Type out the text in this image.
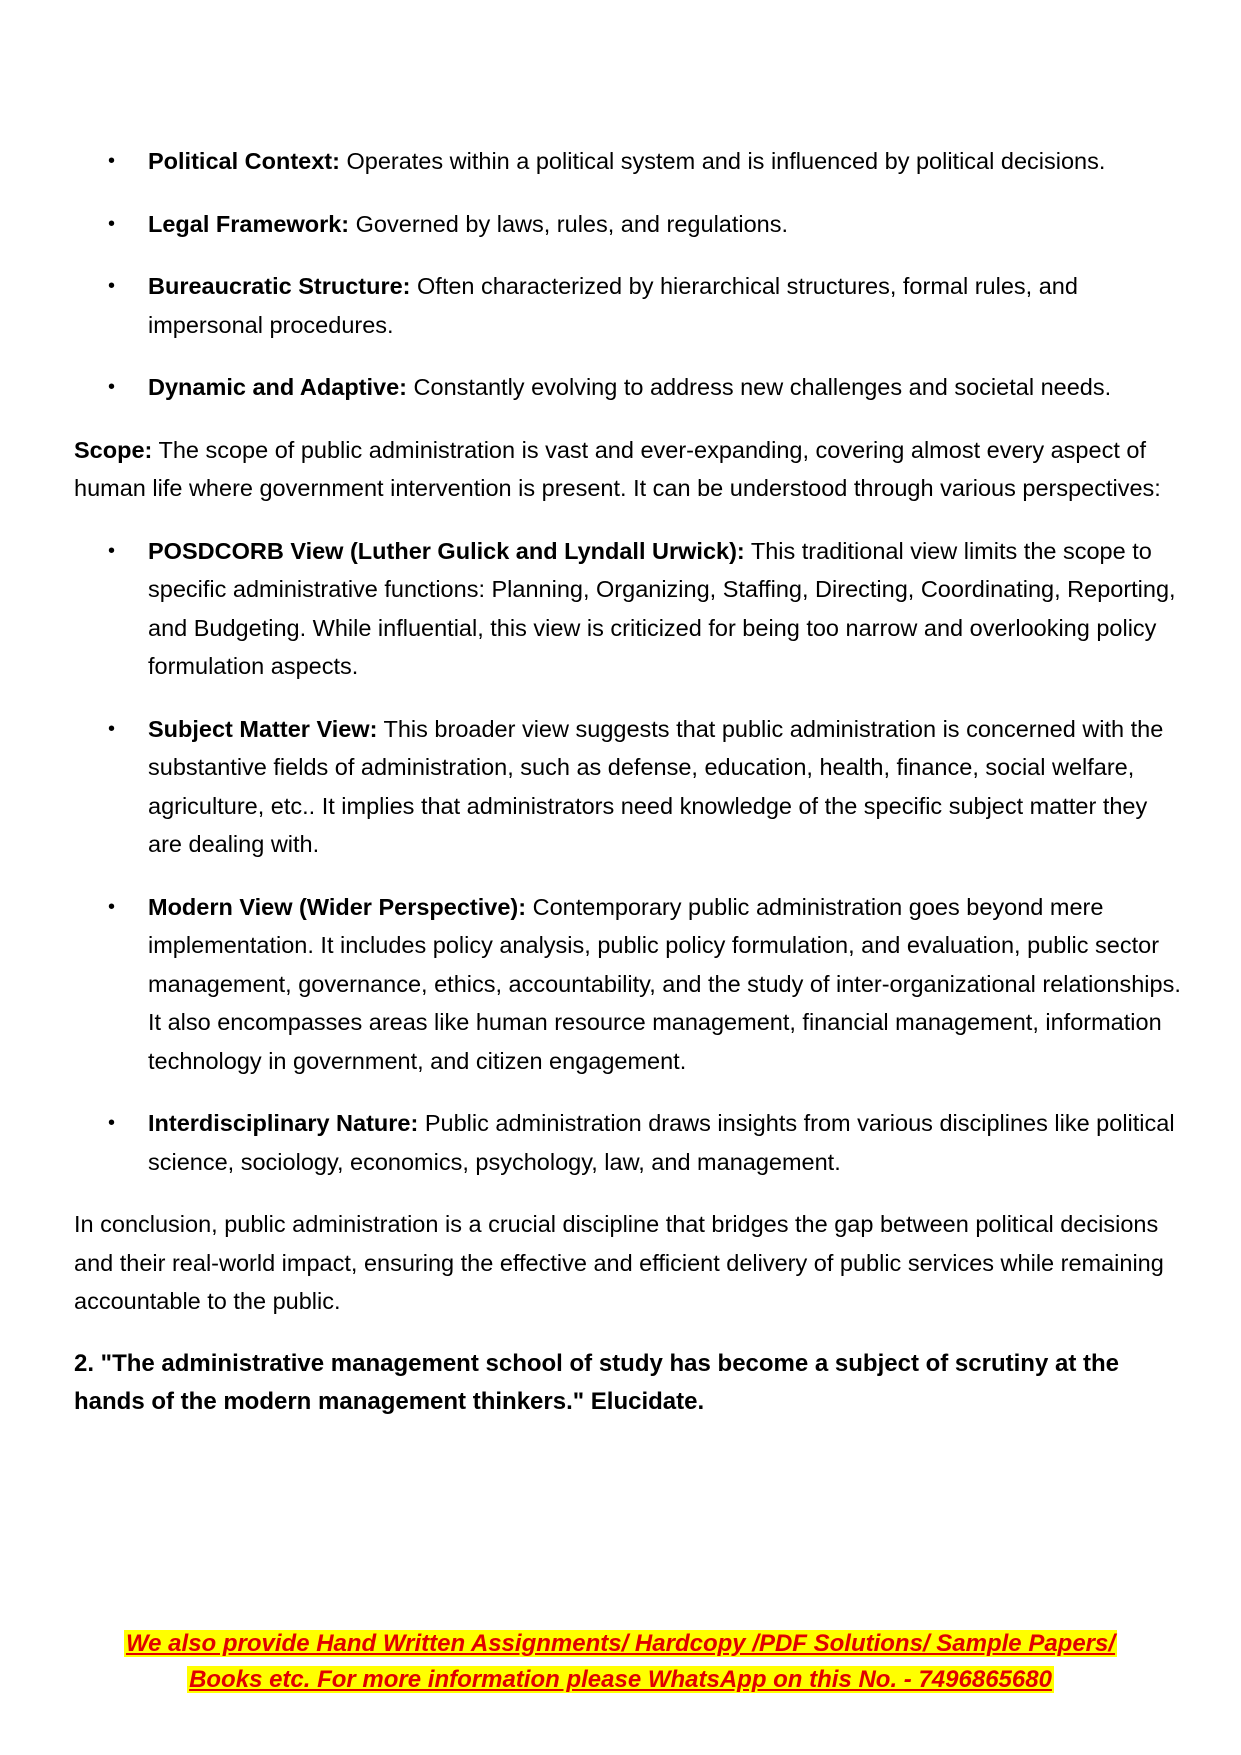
• Political Context: Operates within a political system and is influenced by political decisions.
• Legal Framework: Governed by laws, rules, and regulations.
• Bureaucratic Structure: Often characterized by hierarchical structures, formal rules, and impersonal procedures.
• Dynamic and Adaptive: Constantly evolving to address new challenges and societal needs.

Scope: The scope of public administration is vast and ever-expanding, covering almost every aspect of human life where government intervention is present. It can be understood through various perspectives:

• POSDCORB View (Luther Gulick and Lyndall Urwick): This traditional view limits the scope to specific administrative functions: Planning, Organizing, Staffing, Directing, Coordinating, Reporting, and Budgeting. While influential, this view is criticized for being too narrow and overlooking policy formulation aspects.
• Subject Matter View: This broader view suggests that public administration is concerned with the substantive fields of administration, such as defense, education, health, finance, social welfare, agriculture, etc.. It implies that administrators need knowledge of the specific subject matter they are dealing with.
• Modern View (Wider Perspective): Contemporary public administration goes beyond mere implementation. It includes policy analysis, public policy formulation, and evaluation, public sector management, governance, ethics, accountability, and the study of inter-organizational relationships. It also encompasses areas like human resource management, financial management, information technology in government, and citizen engagement.
• Interdisciplinary Nature: Public administration draws insights from various disciplines like political science, sociology, economics, psychology, law, and management.

In conclusion, public administration is a crucial discipline that bridges the gap between political decisions and their real-world impact, ensuring the effective and efficient delivery of public services while remaining accountable to the public.

2. "The administrative management school of study has become a subject of scrutiny at the hands of the modern management thinkers." Elucidate.

We also provide Hand Written Assignments/ Hardcopy /PDF Solutions/ Sample Papers/
Books etc. For more information please WhatsApp on this No. - 7496865680
